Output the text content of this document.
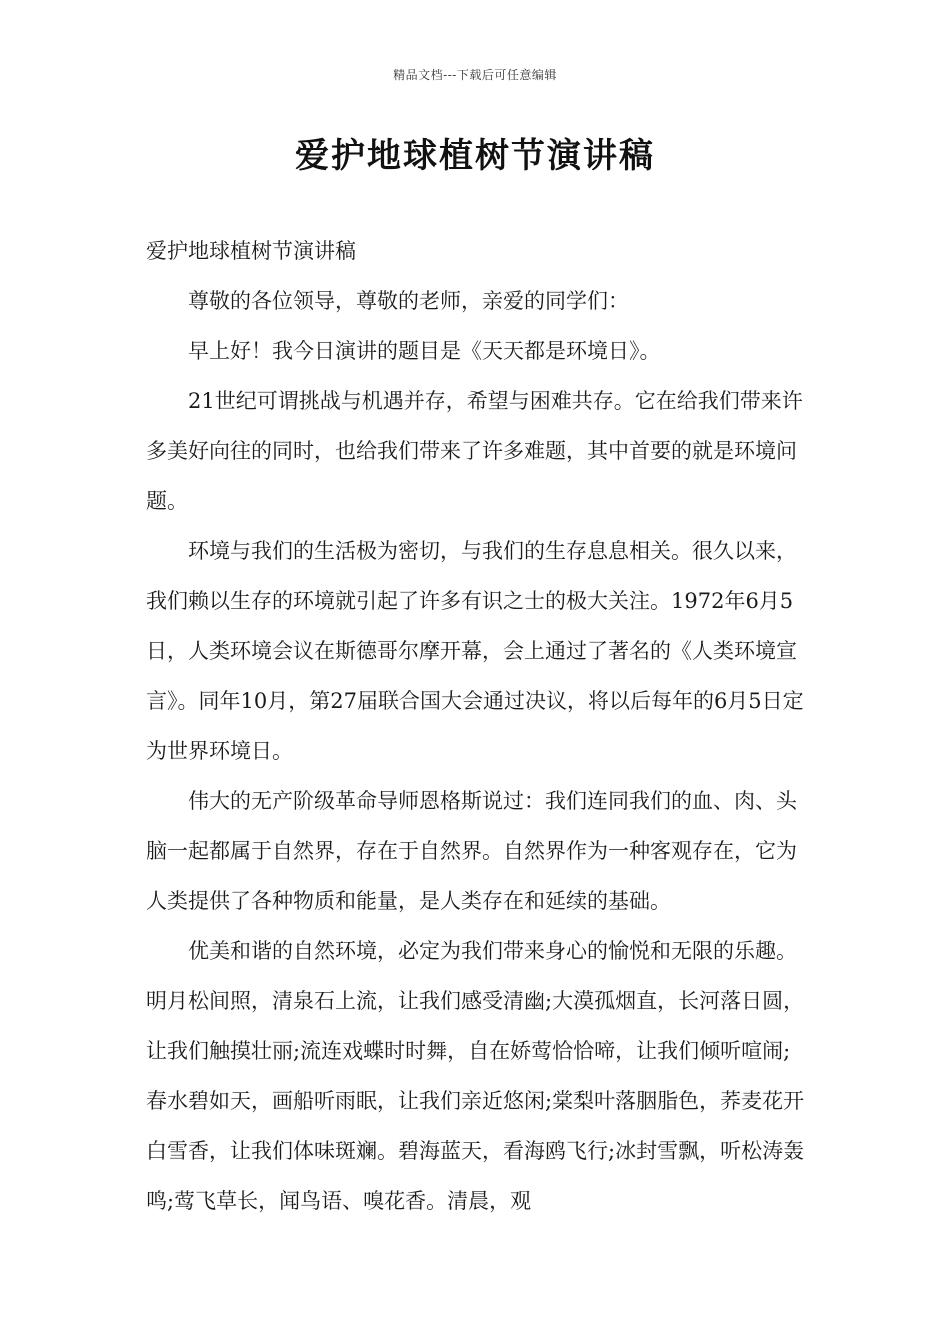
精品文档---下载后可任意编辑
爱护地球植树节演讲稿

爱护地球植树节演讲稿

尊敬的各位领导，尊敬的老师，亲爱的同学们：

早上好！我今日演讲的题目是《天天都是环境日》。

21世纪可谓挑战与机遇并存，希望与困难共存。它在给我们带来许多美好向往的同时，也给我们带来了许多难题，其中首要的就是环境问题。

环境与我们的生活极为密切，与我们的生存息息相关。很久以来，我们赖以生存的环境就引起了许多有识之士的极大关注。1972年6月5日，人类环境会议在斯德哥尔摩开幕，会上通过了著名的《人类环境宣言》。同年10月，第27届联合国大会通过决议，将以后每年的6月5日定为世界环境日。

伟大的无产阶级革命导师恩格斯说过：我们连同我们的血、肉、头脑一起都属于自然界，存在于自然界。自然界作为一种客观存在，它为人类提供了各种物质和能量，是人类存在和延续的基础。

优美和谐的自然环境，必定为我们带来身心的愉悦和无限的乐趣。明月松间照，清泉石上流，让我们感受清幽;大漠孤烟直，长河落日圆，让我们触摸壮丽;流连戏蝶时时舞，自在娇莺恰恰啼，让我们倾听喧闹;春水碧如天，画船听雨眠，让我们亲近悠闲;棠梨叶落胭脂色，荞麦花开白雪香，让我们体味斑斓。碧海蓝天，看海鸥飞行;冰封雪飘，听松涛轰鸣;莺飞草长，闻鸟语、嗅花香。清晨，观
